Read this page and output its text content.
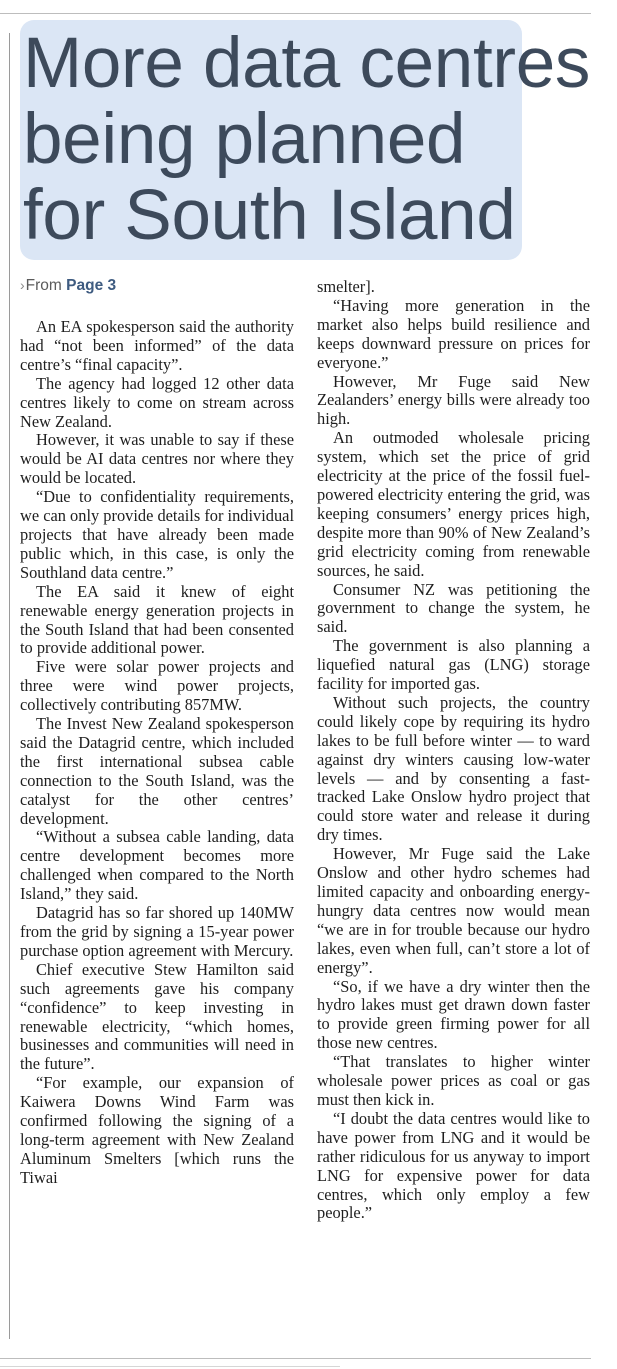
More data centres
being planned
for South Island
›From Page 3

An EA spokesperson said the authority had “not been informed” of the data centre’s “final capacity”.

The agency had logged 12 other data centres likely to come on stream across New Zealand.

However, it was unable to say if these would be AI data centres nor where they would be located.

“Due to confidentiality requirements, we can only provide details for individual projects that have already been made public which, in this case, is only the Southland data centre.”

The EA said it knew of eight renewable energy generation projects in the South Island that had been consented to provide additional power.

Five were solar power projects and three were wind power projects, collectively contributing 857MW.

The Invest New Zealand spokesperson said the Datagrid centre, which included the first international subsea cable connection to the South Island, was the catalyst for the other centres’ development.

“Without a subsea cable landing, data centre development becomes more challenged when compared to the North Island,” they said.

Datagrid has so far shored up 140MW from the grid by signing a 15-year power purchase option agreement with Mercury.

Chief executive Stew Hamilton said such agreements gave his company “confidence” to keep investing in renewable electricity, “which homes, businesses and communities will need in the future”.

“For example, our expansion of Kaiwera Downs Wind Farm was confirmed following the signing of a long-term agreement with New Zealand Aluminum Smelters [which runs the Tiwai

smelter].

“Having more generation in the market also helps build resilience and keeps downward pressure on prices for everyone.”

However, Mr Fuge said New Zealanders’ energy bills were already too high.

An outmoded wholesale pricing system, which set the price of grid electricity at the price of the fossil fuel-powered electricity entering the grid, was keeping consumers’ energy prices high, despite more than 90% of New Zealand’s grid electricity coming from renewable sources, he said.

Consumer NZ was petitioning the government to change the system, he said.

The government is also planning a liquefied natural gas (LNG) storage facility for imported gas.

Without such projects, the country could likely cope by requiring its hydro lakes to be full before winter — to ward against dry winters causing low-water levels — and by consenting a fast-tracked Lake Onslow hydro project that could store water and release it during dry times.

However, Mr Fuge said the Lake Onslow and other hydro schemes had limited capacity and onboarding energy-hungry data centres now would mean “we are in for trouble because our hydro lakes, even when full, can’t store a lot of energy”.

“So, if we have a dry winter then the hydro lakes must get drawn down faster to provide green firming power for all those new centres.

“That translates to higher winter wholesale power prices as coal or gas must then kick in.

“I doubt the data centres would like to have power from LNG and it would be rather ridiculous for us anyway to import LNG for expensive power for data centres, which only employ a few people.”
